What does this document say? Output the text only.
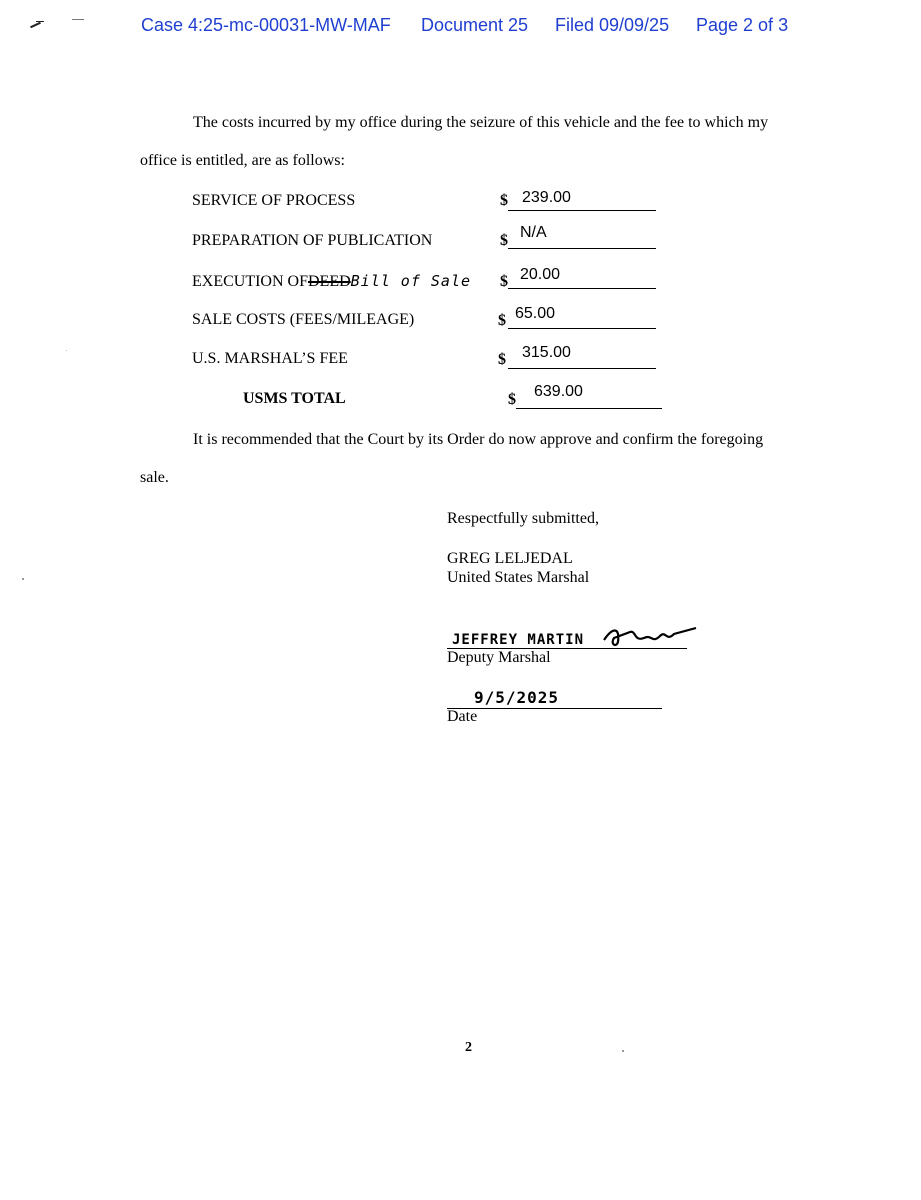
Case 4:25-mc-00031-MW-MAF Document 25 Filed 09/09/25 Page 2 of 3
The costs incurred by my office during the seizure of this vehicle and the fee to which my
office is entitled, are as follows:
SERVICE OF PROCESS	$ 239.00
PREPARATION OF PUBLICATION	$ N/A
EXECUTION OFDEEDBill of Sale $ 20.00
SALE COSTS (FEES/MILEAGE)	$ 65.00
U.S. MARSHAL’S FEE	$ 315.00
USMS TOTAL	$ 639.00
It is recommended that the Court by its Order do now approve and confirm the foregoing
sale.
Respectfully submitted,
GREG LELJEDAL
United States Marshal
JEFFREY MARTIN
Deputy Marshal
9/5/2025
Date
2
